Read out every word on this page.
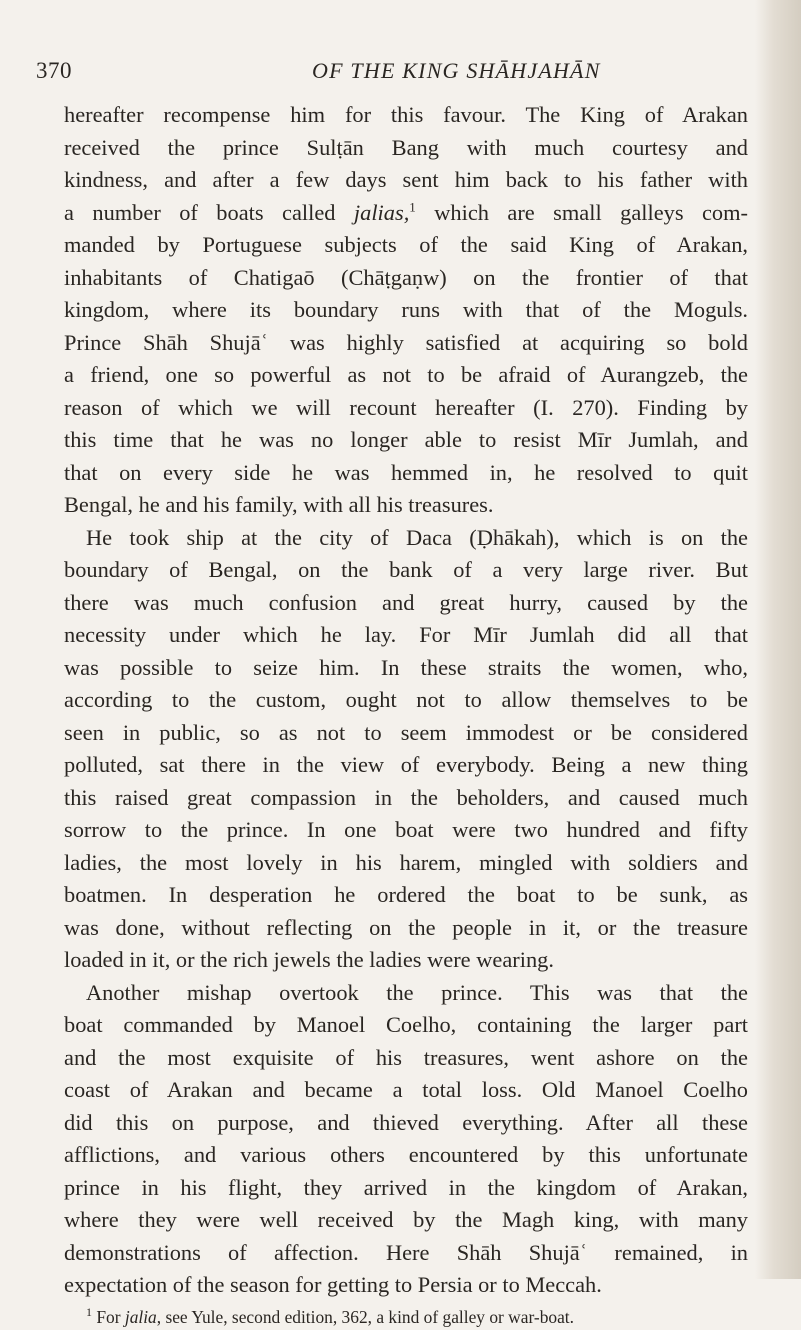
370	OF THE KING SHĀHJAHĀN
hereafter recompense him for this favour. The King of Arakan
received the prince Sulṭān Bang with much courtesy and
kindness, and after a few days sent him back to his father with
a number of boats called jalias,$^1$ which are small galleys com-
manded by Portuguese subjects of the said King of Arakan,
inhabitants of Chatigaō (Chāṭgaṇw) on the frontier of that
kingdom, where its boundary runs with that of the Moguls.
Prince Shāh Shujāʿ was highly satisfied at acquiring so bold
a friend, one so powerful as not to be afraid of Aurangzeb, the
reason of which we will recount hereafter (I. 270). Finding by
this time that he was no longer able to resist Mīr Jumlah, and
that on every side he was hemmed in, he resolved to quit
Bengal, he and his family, with all his treasures.
He took ship at the city of Daca (Ḍhākah), which is on the
boundary of Bengal, on the bank of a very large river. But
there was much confusion and great hurry, caused by the
necessity under which he lay. For Mīr Jumlah did all that
was possible to seize him. In these straits the women, who,
according to the custom, ought not to allow themselves to be
seen in public, so as not to seem immodest or be considered
polluted, sat there in the view of everybody. Being a new thing
this raised great compassion in the beholders, and caused much
sorrow to the prince. In one boat were two hundred and fifty
ladies, the most lovely in his harem, mingled with soldiers and
boatmen. In desperation he ordered the boat to be sunk, as
was done, without reflecting on the people in it, or the treasure
loaded in it, or the rich jewels the ladies were wearing.
Another mishap overtook the prince. This was that the
boat commanded by Manoel Coelho, containing the larger part
and the most exquisite of his treasures, went ashore on the
coast of Arakan and became a total loss. Old Manoel Coelho
did this on purpose, and thieved everything. After all these
afflictions, and various others encountered by this unfortunate
prince in his flight, they arrived in the kingdom of Arakan,
where they were well received by the Magh king, with many
demonstrations of affection. Here Shāh Shujāʿ remained, in
expectation of the season for getting to Persia or to Meccah.
$^1$ For jalia, see Yule, second edition, 362, a kind of galley or war-boat.
